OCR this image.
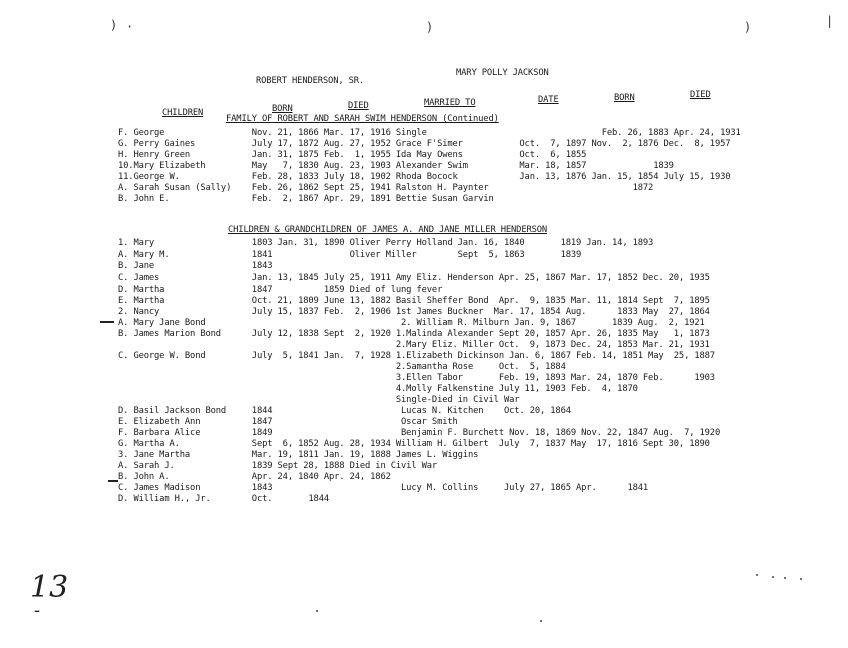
) ·	)	)	|
ROBERT HENDERSON, SR.
MARY POLLY JACKSON
CHILDREN	BORN	DIED	MARRIED TO	DATE	BORN	DIED
FAMILY OF ROBERT AND SARAH SWIM HENDERSON (Continued)
F. George                 Nov. 21, 1866 Mar. 17, 1916 Single                                  Feb. 26, 1883 Apr. 24, 1931
G. Perry Gaines           July 17, 1872 Aug. 27, 1952 Grace F'Simer           Oct.  7, 1897 Nov.  2, 1876 Dec.  8, 1957
H. Henry Green            Jan. 31, 1875 Feb.  1, 1955 Ida May Owens           Oct.  6, 1855
10.Mary Elizabeth         May   7, 1830 Aug. 23, 1903 Alexander Swim          Mar. 18, 1857             1839
11.George W.              Feb. 28, 1833 July 18, 1902 Rhoda Bocock            Jan. 13, 1876 Jan. 15, 1854 July 15, 1930
A. Sarah Susan (Sally)    Feb. 26, 1862 Sept 25, 1941 Ralston H. Paynter                            1872
B. John E.                Feb.  2, 1867 Apr. 29, 1891 Bettie Susan Garvin
CHILDREN & GRANDCHILDREN OF JAMES A. AND JANE MILLER HENDERSON
1. Mary                   1803 Jan. 31, 1890 Oliver Perry Holland Jan. 16, 1840       1819 Jan. 14, 1893
A. Mary M.                1841               Oliver Miller        Sept  5, 1863       1839
B. Jane                   1843
C. James                  Jan. 13, 1845 July 25, 1911 Amy Eliz. Henderson Apr. 25, 1867 Mar. 17, 1852 Dec. 20, 1935
D. Martha                 1847          1859 Died of lung fever
E. Martha                 Oct. 21, 1809 June 13, 1882 Basil Sheffer Bond  Apr.  9, 1835 Mar. 11, 1814 Sept  7, 1895
2. Nancy                  July 15, 1837 Feb.  2, 1906 1st James Buckner  Mar. 17, 1854 Aug.      1833 May  27, 1864
A. Mary Jane Bond                                      2. William R. Milburn Jan. 9, 1867       1839 Aug.  2, 1921
B. James Marion Bond      July 12, 1838 Sept  2, 1920 1.Malinda Alexander Sept 20, 1857 Apr. 26, 1835 May   1, 1873
2.Mary Eliz. Miller Oct.  9, 1873 Dec. 24, 1853 Mar. 21, 1931
C. George W. Bond         July  5, 1841 Jan.  7, 1928 1.Elizabeth Dickinson Jan. 6, 1867 Feb. 14, 1851 May  25, 1887
2.Samantha Rose     Oct.  5, 1884
3.Ellen Tabor       Feb. 19, 1893 Mar. 24, 1870 Feb.      1903
4.Molly Falkenstine July 11, 1903 Feb.  4, 1870
Single-Died in Civil War
D. Basil Jackson Bond     1844                         Lucas N. Kitchen    Oct. 20, 1864
E. Elizabeth Ann          1847                         Oscar Smith
F. Barbara Alice          1849                         Benjamin F. Burchett Nov. 18, 1869 Nov. 22, 1847 Aug.  7, 1920
G. Martha A.              Sept  6, 1852 Aug. 28, 1934 William H. Gilbert  July  7, 1837 May  17, 1816 Sept 30, 1890
3. Jane Martha            Mar. 19, 1811 Jan. 19, 1888 James L. Wiggins
A. Sarah J.               1839 Sept 28, 1888 Died in Civil War
B. John A.                Apr. 24, 1840 Apr. 24, 1862
C. James Madison          1843                         Lucy M. Collins     July 27, 1865 Apr.      1841
D. William H., Jr.        Oct.       1844
13
-
